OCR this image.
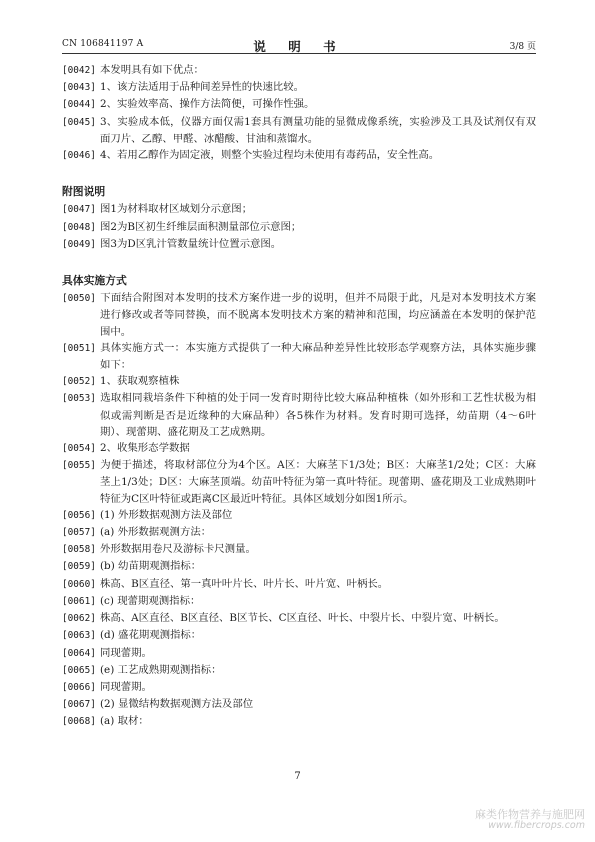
CN 106841197 A	说 明 书	3/8 页
[0042] 本发明具有如下优点：
[0043] 1、该方法适用于品种间差异性的快速比较。
[0044] 2、实验效率高、操作方法简便，可操作性强。
[0045] 3、实验成本低，仪器方面仅需1套具有测量功能的显微成像系统，实验涉及工具及试剂仅有双面刀片、乙醇、甲醛、冰醋酸、甘油和蒸馏水。
[0046] 4、若用乙醇作为固定液，则整个实验过程均未使用有毒药品，安全性高。
附图说明
[0047] 图1为材料取材区域划分示意图；
[0048] 图2为B区初生纤维层面积测量部位示意图；
[0049] 图3为D区乳汁管数量统计位置示意图。
具体实施方式
[0050] 下面结合附图对本发明的技术方案作进一步的说明，但并不局限于此，凡是对本发明技术方案进行修改或者等同替换，而不脱离本发明技术方案的精神和范围，均应涵盖在本发明的保护范围中。
[0051] 具体实施方式一：本实施方式提供了一种大麻品种差异性比较形态学观察方法，具体实施步骤如下：
[0052] 1、获取观察植株
[0053] 选取相同栽培条件下种植的处于同一发育时期待比较大麻品种植株（如外形和工艺性状极为相似或需判断是否是近缘种的大麻品种）各5株作为材料。发育时期可选择，幼苗期（4～6叶期）、现蕾期、盛花期及工艺成熟期。
[0054] 2、收集形态学数据
[0055] 为便于描述，将取材部位分为4个区。A区：大麻茎下1/3处；B区：大麻茎1/2处；C区：大麻茎上1/3处；D区：大麻茎顶端。幼苗叶特征为第一真叶特征。现蕾期、盛花期及工业成熟期叶特征为C区叶特征或距离C区最近叶特征。具体区域划分如图1所示。
[0056] (1) 外形数据观测方法及部位
[0057] (a) 外形数据观测方法：
[0058] 外形数据用卷尺及游标卡尺测量。
[0059] (b) 幼苗期观测指标：
[0060] 株高、B区直径、第一真叶叶片长、叶片长、叶片宽、叶柄长。
[0061] (c) 现蕾期观测指标：
[0062] 株高、A区直径、B区直径、B区节长、C区直径、叶长、中裂片长、中裂片宽、叶柄长。
[0063] (d) 盛花期观测指标：
[0064] 同现蕾期。
[0065] (e) 工艺成熟期观测指标：
[0066] 同现蕾期。
[0067] (2) 显微结构数据观测方法及部位
[0068] (a) 取材：
7
麻类作物营养与施肥网
www.fibercrops.com
